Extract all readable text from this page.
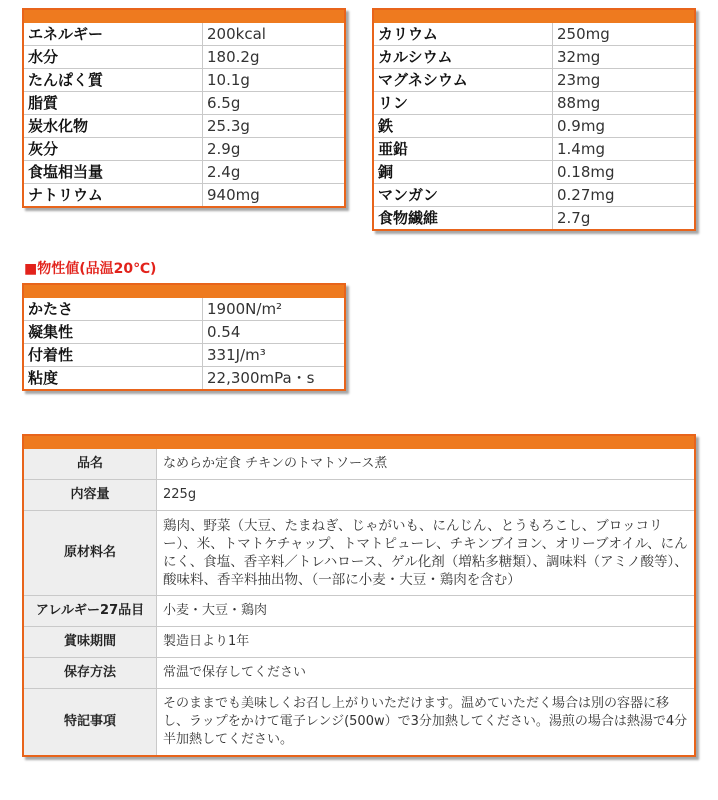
エネルギー	200kcal
水分	180.2g
たんぱく質	10.1g
脂質	6.5g
炭水化物	25.3g
灰分	2.9g
食塩相当量	2.4g
ナトリウム	940mg
カリウム	250mg
カルシウム	32mg
マグネシウム	23mg
リン	88mg
鉄	0.9mg
亜鉛	1.4mg
銅	0.18mg
マンガン	0.27mg
食物繊維	2.7g
■物性値(品温20℃)
かたさ	1900N/m²
凝集性	0.54
付着性	331J/m³
粘度	22,300mPa・s
品名	なめらか定食 チキンのトマトソース煮
内容量	225g
原材料名	鶏肉、野菜（大豆、たまねぎ、じゃがいも、にんじん、とうもろこし、ブロッコリー）、米、トマトケチャップ、トマトピューレ、チキンブイヨン、オリーブオイル、にんにく、食塩、香辛料／トレハロース、ゲル化剤（増粘多糖類）、調味料（アミノ酸等）、酸味料、香辛料抽出物、（一部に小麦・大豆・鶏肉を含む）
アレルギー27品目	小麦・大豆・鶏肉
賞味期間	製造日より1年
保存方法	常温で保存してください
特記事項	そのままでも美味しくお召し上がりいただけます。温めていただく場合は別の容器に移し、ラップをかけて電子レンジ(500w）で3分加熱してください。湯煎の場合は熱湯で4分半加熱してください。
